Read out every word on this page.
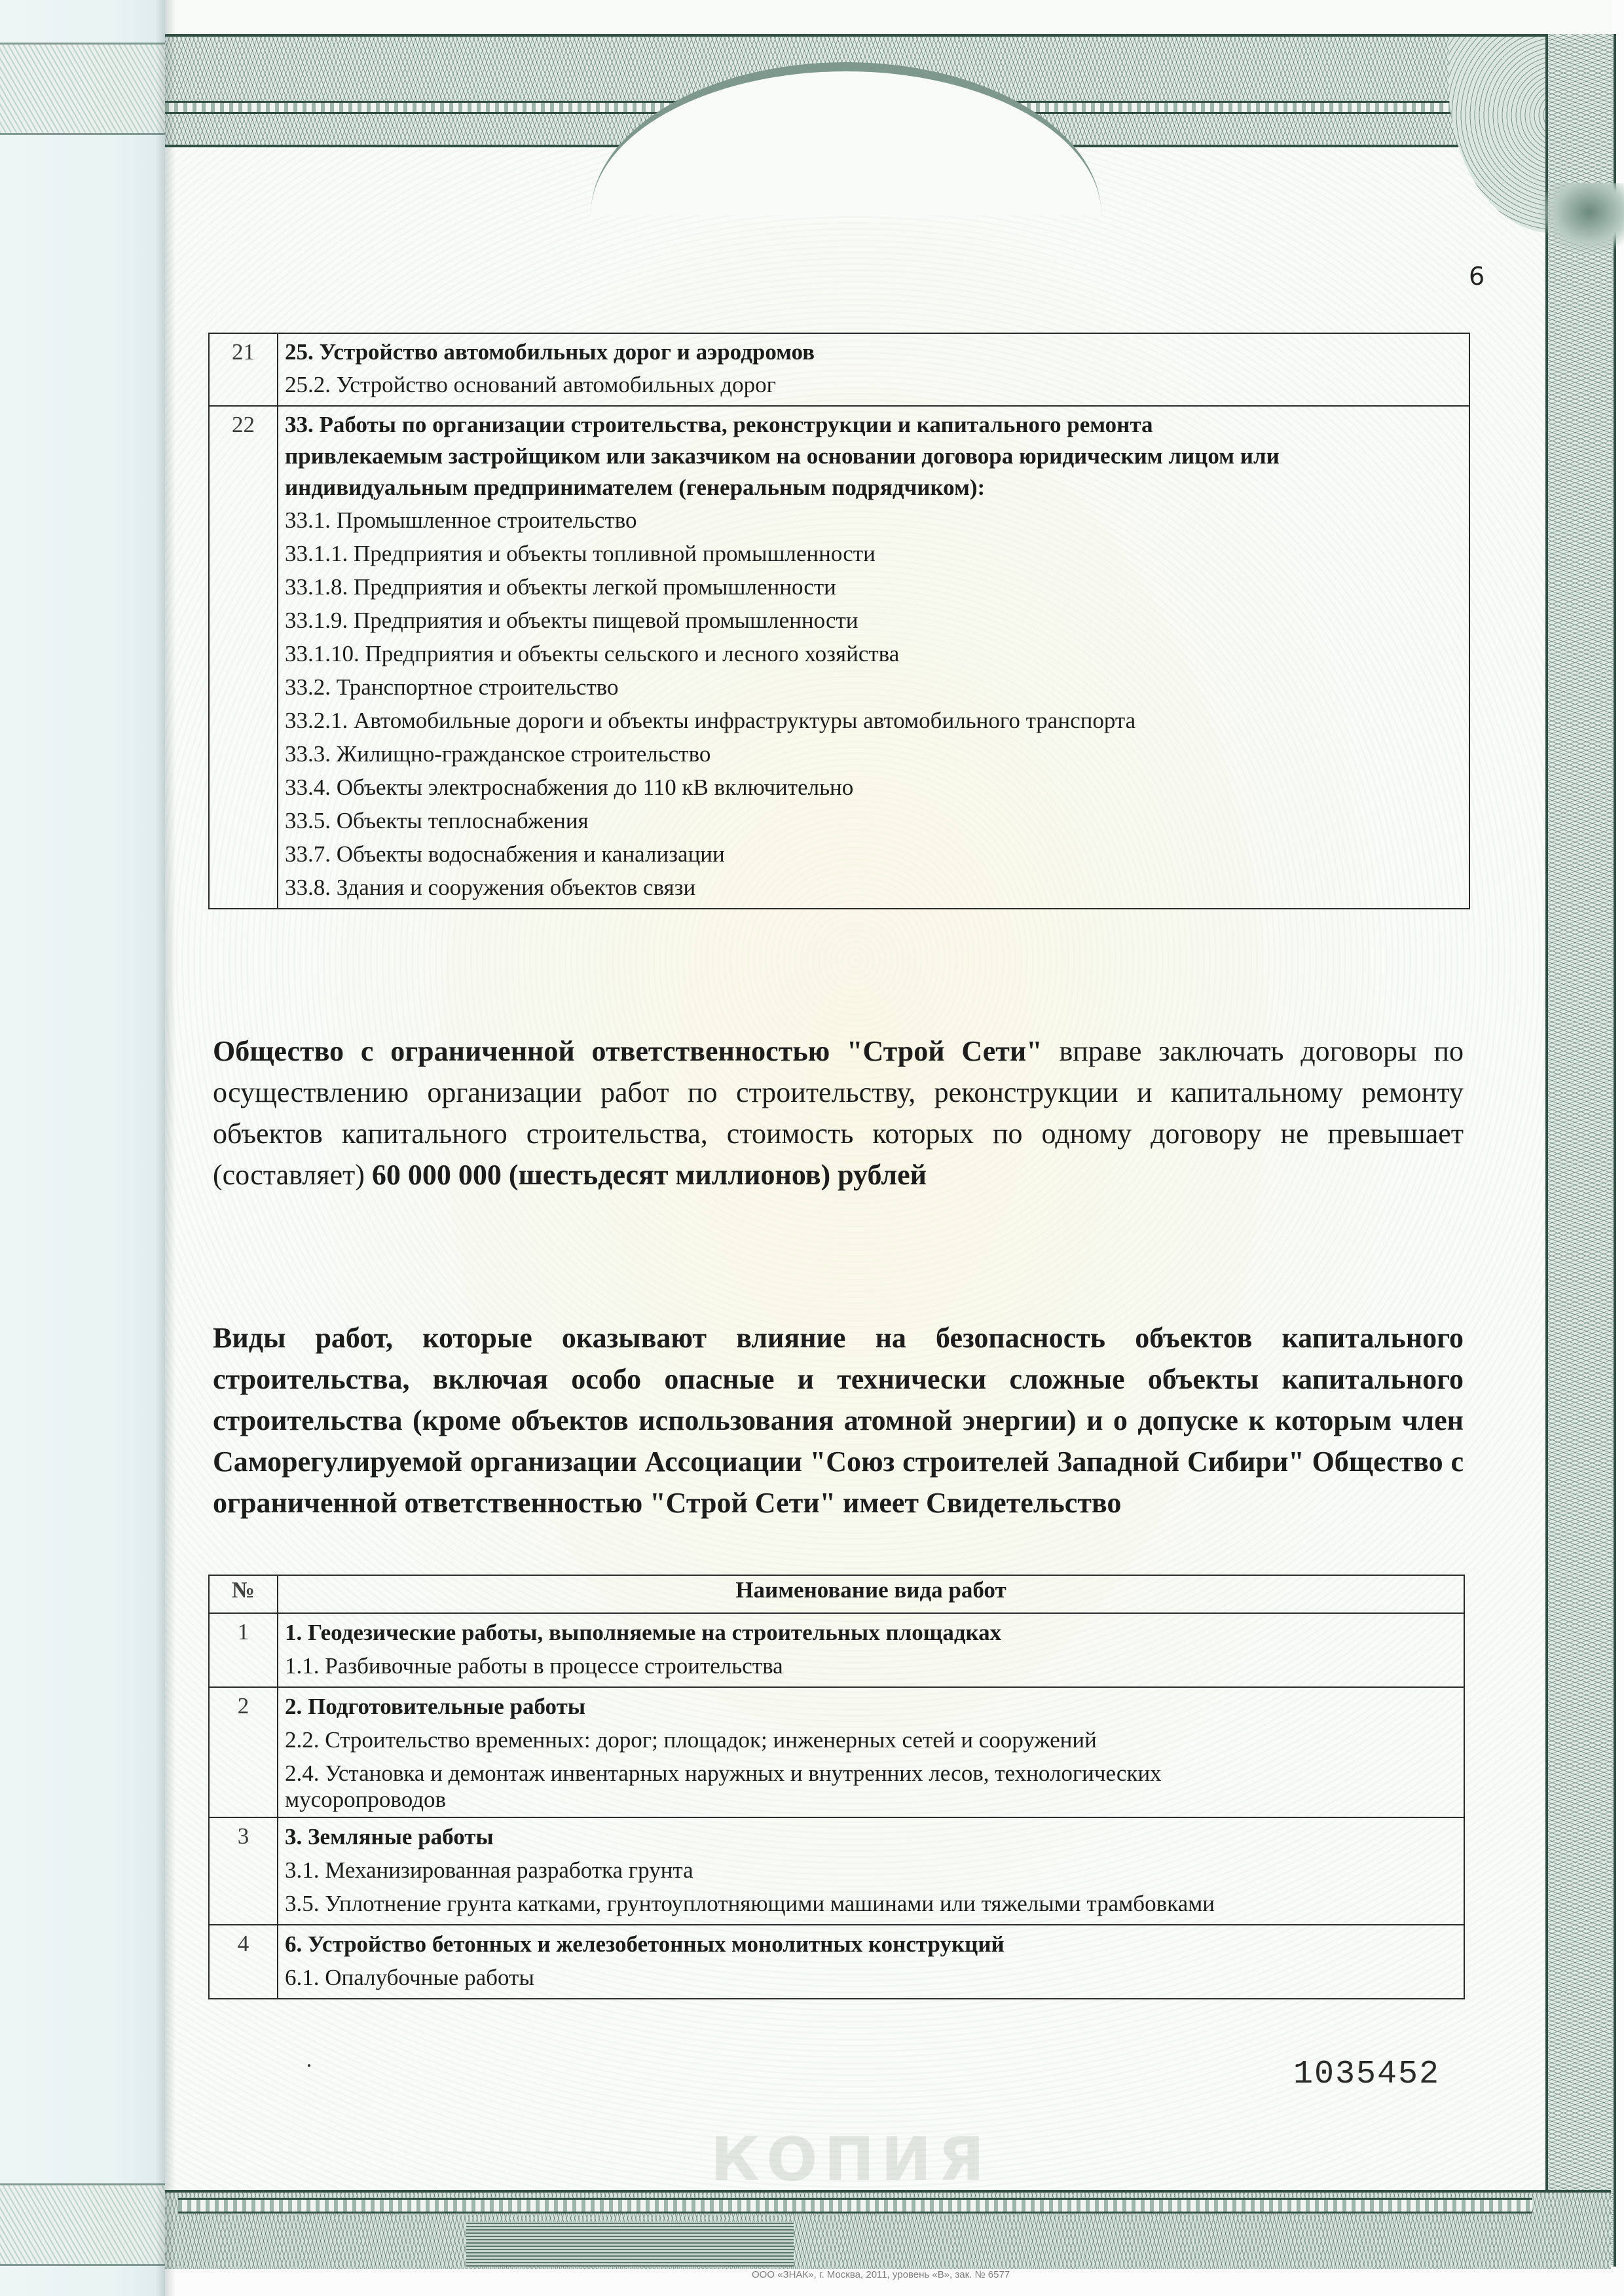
6
21	25. Устройство автомобильных дорог и аэродромов
25.2. Устройство оснований автомобильных дорог

22	33. Работы по организации строительства, реконструкции и капитального ремонта
привлекаемым застройщиком или заказчиком на основании договора юридическим лицом или
индивидуальным предпринимателем (генеральным подрядчиком):
33.1. Промышленное строительство
33.1.1. Предприятия и объекты топливной промышленности
33.1.8. Предприятия и объекты легкой промышленности
33.1.9. Предприятия и объекты пищевой промышленности
33.1.10. Предприятия и объекты сельского и лесного хозяйства
33.2. Транспортное строительство
33.2.1. Автомобильные дороги и объекты инфраструктуры автомобильного транспорта
33.3. Жилищно-гражданское строительство
33.4. Объекты электроснабжения до 110 кВ включительно
33.5. Объекты теплоснабжения
33.7. Объекты водоснабжения и канализации
33.8. Здания и сооружения объектов связи

Общество с ограниченной ответственностью "Строй Сети" вправе заключать договоры по осуществлению организации работ по строительству, реконструкции и капитальному ремонту объектов капитального строительства, стоимость которых по одному договору не превышает (составляет) 60 000 000 (шестьдесят миллионов) рублей

Виды работ, которые оказывают влияние на безопасность объектов капитального строительства, включая особо опасные и технически сложные объекты капитального строительства (кроме объектов использования атомной энергии) и о допуске к которым член Саморегулируемой организации Ассоциации "Союз строителей Западной Сибири" Общество с ограниченной ответственностью "Строй Сети" имеет Свидетельство

№	Наименование вида работ
1	1. Геодезические работы, выполняемые на строительных площадках
1.1. Разбивочные работы в процессе строительства

2	2. Подготовительные работы
2.2. Строительство временных: дорог; площадок; инженерных сетей и сооружений
2.4. Установка и демонтаж инвентарных наружных и внутренних лесов, технологических мусоропроводов

3	3. Земляные работы
3.1. Механизированная разработка грунта
3.5. Уплотнение грунта катками, грунтоуплотняющими машинами или тяжелыми трамбовками

4	6. Устройство бетонных и железобетонных монолитных конструкций
6.1. Опалубочные работы
1035452
КОПИЯ
ООО «ЗНАК», г. Москва, 2011, уровень «В», зак. № 6577
